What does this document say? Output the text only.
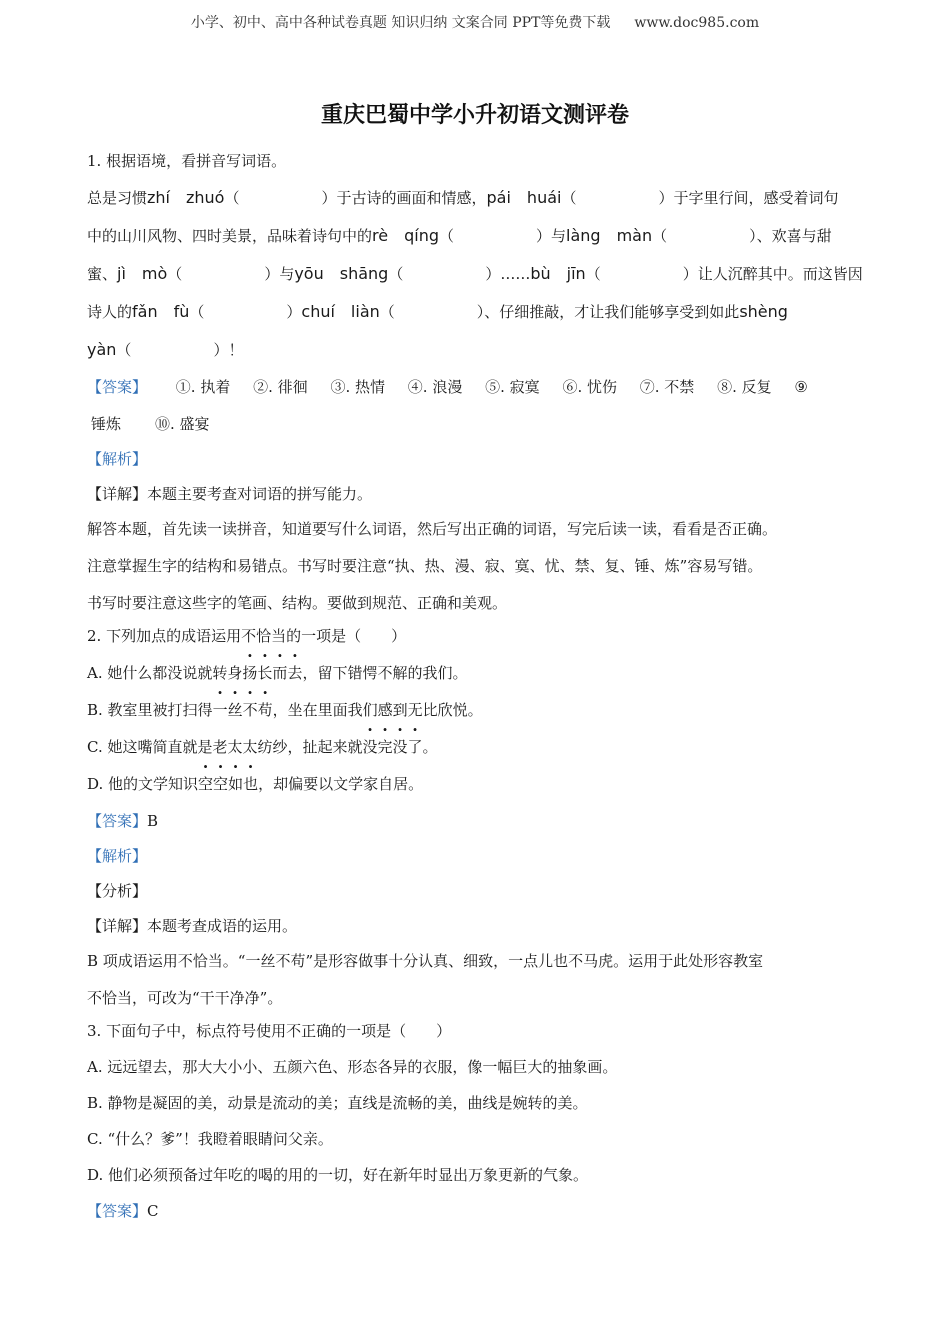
小学、初中、高中各种试卷真题 知识归纳 文案合同 PPT等免费下载 www.doc985.com
重庆巴蜀中学小升初语文测评卷
1. 根据语境，看拼音写词语。
总是习惯zhí　zhuó（	）于古诗的画面和情感，pái　huái（	）于字里行间，感受着词句
中的山川风物、四时美景，品味着诗句中的rè　qíng（	）与làng　màn（	）、欢喜与甜
蜜、jì　mò（	）与yōu　shāng（	）……bù　jīn（	）让人沉醉其中。而这皆因
诗人的fǎn　fù（	）chuí　liàn（	）、仔细推敲，才让我们能够享受到如此shèng
yàn（	）！
【答案】 ①. 执着 ②. 徘徊 ③. 热情 ④. 浪漫 ⑤. 寂寞 ⑥. 忧伤 ⑦. 不禁 ⑧. 反复 ⑨
锤炼 ⑩. 盛宴
【解析】
【详解】本题主要考查对词语的拼写能力。
解答本题，首先读一读拼音，知道要写什么词语，然后写出正确的词语，写完后读一读，看看是否正确。
注意掌握生字的结构和易错点。书写时要注意“执、热、漫、寂、寞、忧、禁、复、锤、炼”容易写错。
书写时要注意这些字的笔画、结构。要做到规范、正确和美观。
2. 下列加点的成语运用不恰当的一项是（　　）
A. 她什么都没说就转身扬长而去，留下错愕不解的我们。
B. 教室里被打扫得一丝不苟，坐在里面我们感到无比欣悦。
C. 她这嘴简直就是老太太纺纱，扯起来就没完没了。
D. 他的文学知识空空如也，却偏要以文学家自居。
【答案】B
【解析】
【分析】
【详解】本题考查成语的运用。
B 项成语运用不恰当。“一丝不苟”是形容做事十分认真、细致，一点儿也不马虎。运用于此处形容教室
不恰当，可改为“干干净净”。
3. 下面句子中，标点符号使用不正确的一项是（　　）
A. 远远望去，那大大小小、五颜六色、形态各异的衣服，像一幅巨大的抽象画。
B. 静物是凝固的美，动景是流动的美；直线是流畅的美，曲线是婉转的美。
C. “什么？爹”！我瞪着眼睛问父亲。
D. 他们必须预备过年吃的喝的用的一切，好在新年时显出万象更新的气象。
【答案】C
